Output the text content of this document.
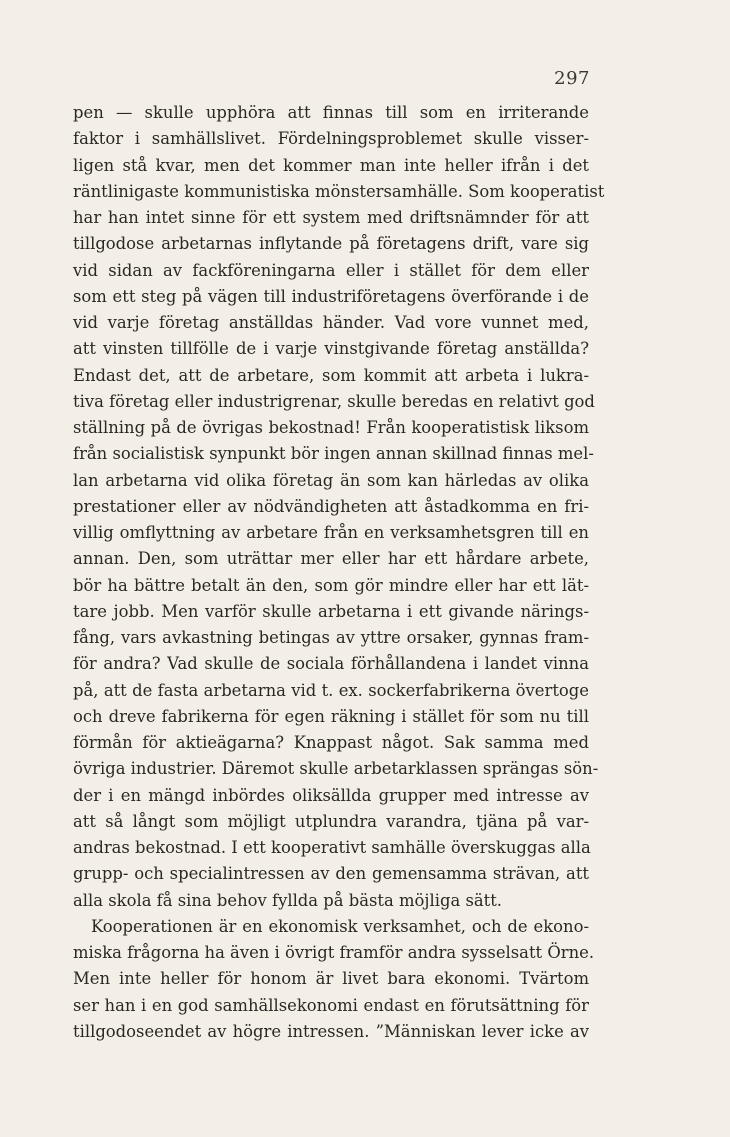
297
pen — skulle upphöra att finnas till som en irriterande
faktor i samhällslivet. Fördelningsproblemet skulle visser-
ligen stå kvar, men det kommer man inte heller ifrån i det
räntlinigaste kommunistiska mönstersamhälle. Som kooperatist
har han intet sinne för ett system med driftsnämnder för att
tillgodose arbetarnas inflytande på företagens drift, vare sig
vid sidan av fackföreningarna eller i stället för dem eller
som ett steg på vägen till industriföretagens överförande i de
vid varje företag anställdas händer. Vad vore vunnet med,
att vinsten tillfölle de i varje vinstgivande företag anställda?
Endast det, att de arbetare, som kommit att arbeta i lukra-
tiva företag eller industrigrenar, skulle beredas en relativt god
ställning på de övrigas bekostnad! Från kooperatistisk liksom
från socialistisk synpunkt bör ingen annan skillnad finnas mel-
lan arbetarna vid olika företag än som kan härledas av olika
prestationer eller av nödvändigheten att åstadkomma en fri-
villig omflyttning av arbetare från en verksamhetsgren till en
annan. Den, som uträttar mer eller har ett hårdare arbete,
bör ha bättre betalt än den, som gör mindre eller har ett lät-
tare jobb. Men varför skulle arbetarna i ett givande närings-
fång, vars avkastning betingas av yttre orsaker, gynnas fram-
för andra? Vad skulle de sociala förhållandena i landet vinna
på, att de fasta arbetarna vid t. ex. sockerfabrikerna övertoge
och dreve fabrikerna för egen räkning i stället för som nu till
förmån för aktieägarna? Knappast något. Sak samma med
övriga industrier. Däremot skulle arbetarklassen sprängas sön-
der i en mängd inbördes oliksällda grupper med intresse av
att så långt som möjligt utplundra varandra, tjäna på var-
andras bekostnad. I ett kooperativt samhälle överskuggas alla
grupp- och specialintressen av den gemensamma strävan, att
alla skola få sina behov fyllda på bästa möjliga sätt.
Kooperationen är en ekonomisk verksamhet, och de ekono-
miska frågorna ha även i övrigt framför andra sysselsatt Örne.
Men inte heller för honom är livet bara ekonomi. Tvärtom
ser han i en god samhällsekonomi endast en förutsättning för
tillgodoseendet av högre intressen. ”Människan lever icke av
